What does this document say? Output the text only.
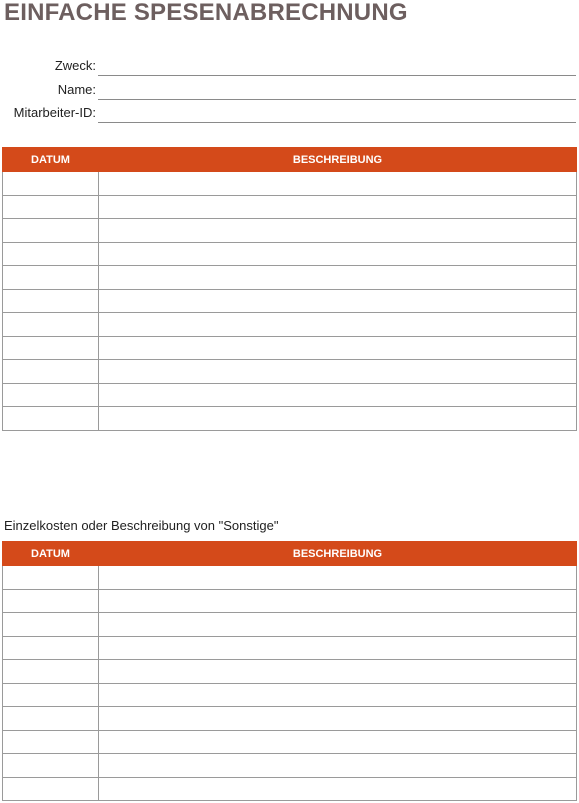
EINFACHE SPESENABRECHNUNG
Zweck:
Name:
Mitarbeiter-ID:
DATUM	BESCHREIBUNG

Einzelkosten oder Beschreibung von "Sonstige"
DATUM	BESCHREIBUNG
